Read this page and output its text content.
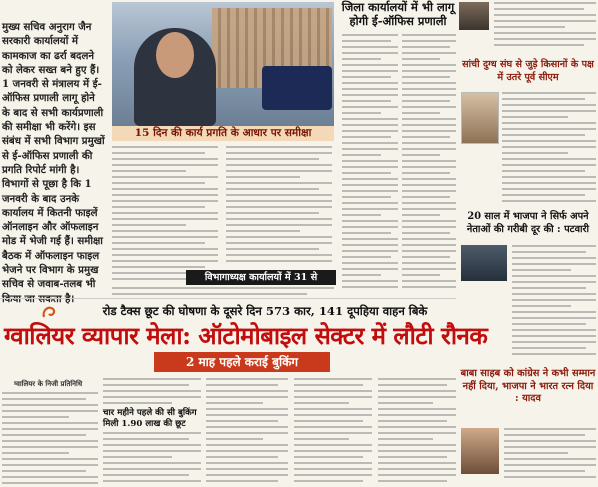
मुख्य सचिव अनुराग जैन सरकारी कार्यालयों में कामकाज का ढर्रा बदलने को लेकर सख्त बने हुए हैं। 1 जनवरी से मंत्रालय में ई-ऑफिस प्रणाली लागू होने के बाद से सभी कार्यप्रणाली की समीक्षा भी करेंगे। इस संबंध में सभी विभाग प्रमुखों से ई-ऑफिस प्रणाली की प्रगति रिपोर्ट मांगी है। विभागों से पूछा है कि 1 जनवरी के बाद उनके कार्यालय में कितनी फाइलें ऑनलाइन और ऑफलाइन मोड में भेजी गई हैं। समीक्षा बैठक में ऑफलाइन फाइल भेजने पर विभाग के प्रमुख सचिव से जवाब-तलब भी

15 दिन की कार्य प्रगति के आधार पर समीक्षा
विभागाध्यक्ष कार्यालयों में 31 से
जिला कार्यालयों में भी लागू होगी ई-ऑफिस प्रणाली
सांची दुग्ध संघ से जुड़े किसानों के पक्ष में उतरे पूर्व सीएम
20 साल में भाजपा ने सिर्फ अपने नेताओं की गरीबी दूर की : पटवारी
बाबा साहब को कांग्रेस ने कभी सम्मान नहीं दिया, भाजपा ने भारत रत्न दिया : यादव
रोड टैक्स छूट की घोषणा के दूसरे दिन 573 कार, 141 दूपहिया वाहन बिके
ग्वालियर व्यापार मेला: ऑटोमोबाइल सेक्टर में लौटी रौनक
2 माह पहले कराई बुकिंग
ग्वालियर के निजी प्रतिनिधि
चार महीने पहले की सी बुकिंग मिली 1.90 लाख की छूट
